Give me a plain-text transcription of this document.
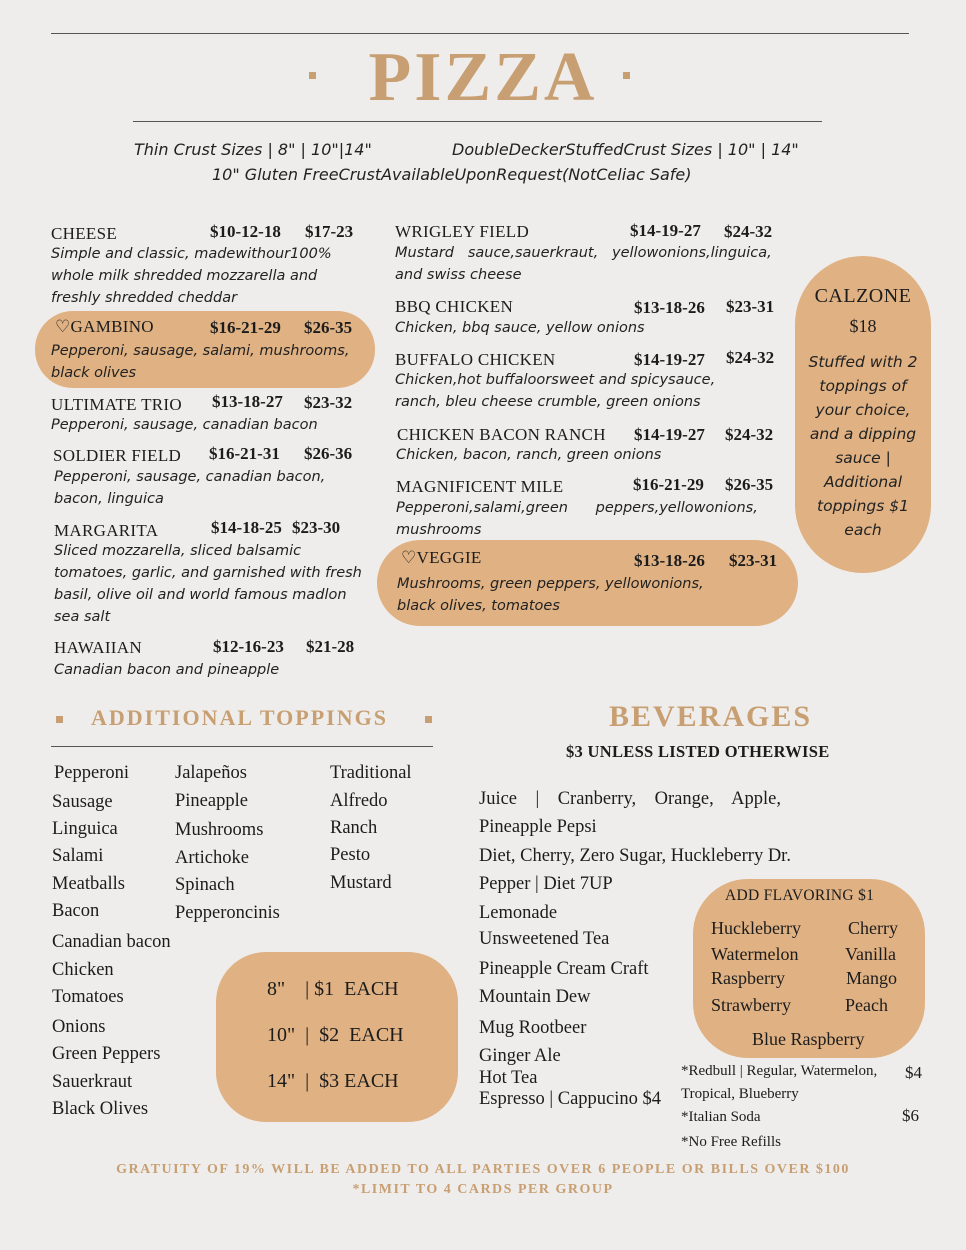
PIZZA
Thin Crust Sizes | 8" | 10"|14"	DoubleDeckerStuffedCrust Sizes | 10" | 14"
10" Gluten FreeCrustAvailableUponRequest(NotCeliac Safe)
CHEESE	$10-12-18 $17-23
Simple and classic, madewithour100% whole milk shredded mozzarella and freshly shredded cheddar
♡GAMBINO	$16-21-29 $26-35
Pepperoni, sausage, salami, mushrooms, black olives
ULTIMATE TRIO $13-18-27 $23-32
Pepperoni, sausage, canadian bacon
SOLDIER FIELD $16-21-31 $26-36
Pepperoni, sausage, canadian bacon, bacon, linguica
MARGARITA	$14-18-25 $23-30
Sliced mozzarella, sliced balsamic tomatoes, garlic, and garnished with fresh basil, olive oil and world famous madlon sea salt
HAWAIIAN	$12-16-23 $21-28
Canadian bacon and pineapple
WRIGLEY FIELD	$14-19-27 $24-32
Mustard   sauce,sauerkraut,   yellowonions,linguica, and swiss cheese
BBQ CHICKEN	$13-18-26 $23-31
Chicken, bbq sauce, yellow onions
BUFFALO CHICKEN	$14-19-27 $24-32
Chicken,hot buffaloorsweet and spicysauce, ranch, bleu cheese crumble, green onions
CHICKEN BACON RANCH $14-19-27 $24-32
Chicken, bacon, ranch, green onions
MAGNIFICENT MILE	$16-21-29 $26-35
Pepperoni,salami,green      peppers,yellowonions, mushrooms
♡VEGGIE	$13-18-26 $23-31
Mushrooms, green peppers, yellowonions, black olives, tomatoes
CALZONE
$18
Stuffed with 2 toppings of your choice, and a dipping sauce | Additional toppings $1 each
ADDITIONAL TOPPINGS
Pepperoni
Sausage
Linguica
Salami
Meatballs
Bacon
Canadian bacon
Chicken
Tomatoes
Onions
Green Peppers
Sauerkraut
Black Olives
Jalapeños
Pineapple
Mushrooms
Artichoke
Spinach
Pepperoncinis
Traditional
Alfredo
Ranch
Pesto
Mustard
8"    | $1  EACH
10"  |  $2  EACH
14"  |  $3 EACH
BEVERAGES
$3 UNLESS LISTED OTHERWISE
Juice    |    Cranberry,    Orange,    Apple,
Pineapple Pepsi
Diet, Cherry, Zero Sugar, Huckleberry Dr.
Pepper | Diet 7UP
Lemonade
Unsweetened Tea
Pineapple Cream Craft
Mountain Dew
Mug Rootbeer
Ginger Ale
Hot Tea
Espresso | Cappucino $4
ADD FLAVORING $1
Huckleberry
Watermelon
Raspberry
Strawberry
Cherry
Vanilla
Mango
Peach
Blue Raspberry
*Redbull | Regular, Watermelon, $4
Tropical, Blueberry
*Italian Soda	$6
*No Free Refills
GRATUITY OF 19% WILL BE ADDED TO ALL PARTIES OVER 6 PEOPLE OR BILLS OVER $100
*LIMIT TO 4 CARDS PER GROUP
